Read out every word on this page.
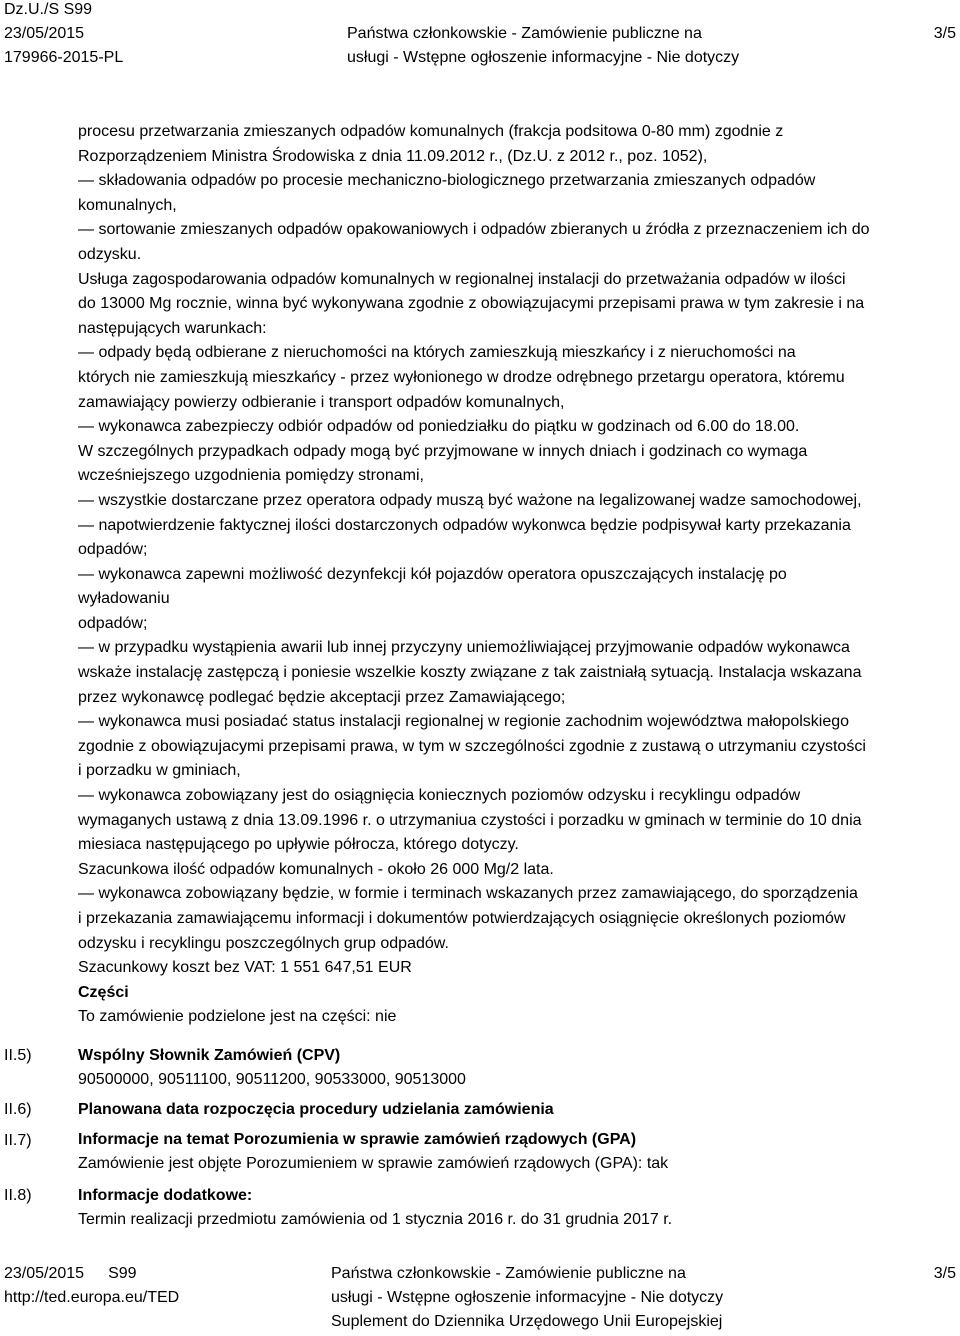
Dz.U./S S99
23/05/2015
179966-2015-PL
Państwa członkowskie - Zamówienie publiczne na
usługi - Wstępne ogłoszenie informacyjne - Nie dotyczy
3/5
procesu przetwarzania zmieszanych odpadów komunalnych (frakcja podsitowa 0-80 mm) zgodnie z
Rozporządzeniem Ministra Środowiska z dnia 11.09.2012 r., (Dz.U. z 2012 r., poz. 1052),
— składowania odpadów po procesie mechaniczno-biologicznego przetwarzania zmieszanych odpadów
komunalnych,
— sortowanie zmieszanych odpadów opakowaniowych i odpadów zbieranych u źródła z przeznaczeniem ich do
odzysku.
Usługa zagospodarowania odpadów komunalnych w regionalnej instalacji do przetważania odpadów w ilości
do 13000 Mg rocznie, winna być wykonywana zgodnie z obowiązujacymi przepisami prawa w tym zakresie i na
następujących warunkach:
— odpady będą odbierane z nieruchomości na których zamieszkują mieszkańcy i z nieruchomości na
których nie zamieszkują mieszkańcy - przez wyłonionego w drodze odrębnego przetargu operatora, któremu
zamawiający powierzy odbieranie i transport odpadów komunalnych,
— wykonawca zabezpieczy odbiór odpadów od poniedziałku do piątku w godzinach od 6.00 do 18.00.
W szczególnych przypadkach odpady mogą być przyjmowane w innych dniach i godzinach co wymaga
wcześniejszego uzgodnienia pomiędzy stronami,
— wszystkie dostarczane przez operatora odpady muszą być ważone na legalizowanej wadze samochodowej,
— napotwierdzenie faktycznej ilości dostarczonych odpadów wykonwca będzie podpisywał karty przekazania
odpadów;
— wykonawca zapewni możliwość dezynfekcji kół pojazdów operatora opuszczających instalację po
wyładowaniu
odpadów;
— w przypadku wystąpienia awarii lub innej przyczyny uniemożliwiającej przyjmowanie odpadów wykonawca
wskaże instalację zastępczą i poniesie wszelkie koszty związane z tak zaistniałą sytuacją. Instalacja wskazana
przez wykonawcę podlegać będzie akceptacji przez Zamawiającego;
— wykonawca musi posiadać status instalacji regionalnej w regionie zachodnim województwa małopolskiego
zgodnie z obowiązujacymi przepisami prawa, w tym w szczególności zgodnie z zustawą o utrzymaniu czystości
i porzadku w gminiach,
— wykonawca zobowiązany jest do osiągnięcia koniecznych poziomów odzysku i recyklingu odpadów
wymaganych ustawą z dnia 13.09.1996 r. o utrzymaniua czystości i porzadku w gminach w terminie do 10 dnia
miesiaca następującego po upływie półrocza, którego dotyczy.
Szacunkowa ilość odpadów komunalnych - około 26 000 Mg/2 lata.
— wykonawca zobowiązany będzie, w formie i terminach wskazanych przez zamawiającego, do sporządzenia
i przekazania zamawiającemu informacji i dokumentów potwierdzających osiągnięcie określonych poziomów
odzysku i recyklingu poszczególnych grup odpadów.
Szacunkowy koszt bez VAT: 1 551 647,51 EUR
Części
To zamówienie podzielone jest na części: nie
II.5)	Wspólny Słownik Zamówień (CPV)
90500000, 90511100, 90511200, 90533000, 90513000
II.6)	Planowana data rozpoczęcia procedury udzielania zamówienia
II.7)	Informacje na temat Porozumienia w sprawie zamówień rządowych (GPA)
Zamówienie jest objęte Porozumieniem w sprawie zamówień rządowych (GPA): tak
II.8)	Informacje dodatkowe:
Termin realizacji przedmiotu zamówienia od 1 stycznia 2016 r. do 31 grudnia 2017 r.
23/05/2015 S99
http://ted.europa.eu/TED
Państwa członkowskie - Zamówienie publiczne na
usługi - Wstępne ogłoszenie informacyjne - Nie dotyczy
Suplement do Dziennika Urzędowego Unii Europejskiej
3/5
